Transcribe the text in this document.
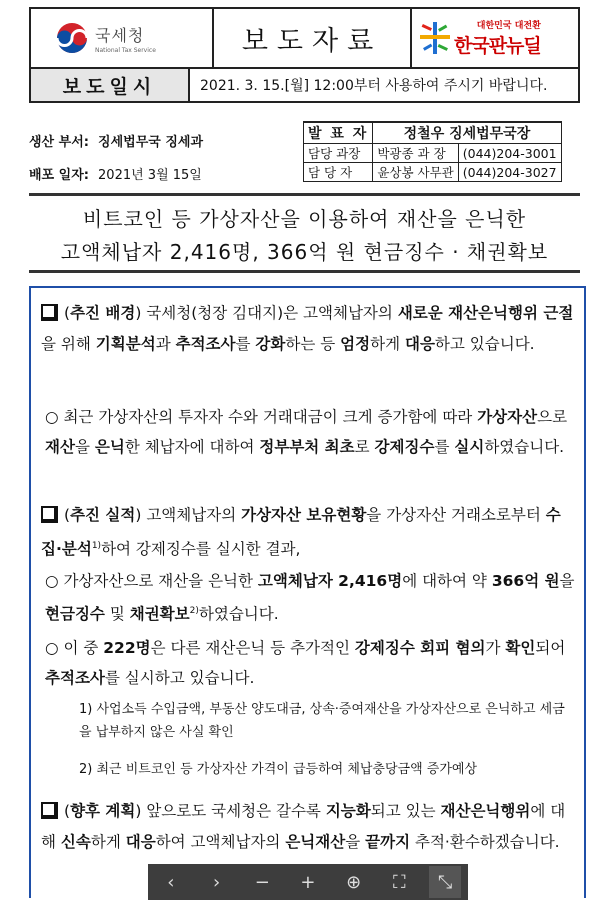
국세청
National Tax Service	보도자료	대한민국 대전환
한국판뉴딜
보도일시	2021. 3. 15.[월] 12:00부터 사용하여 주시기 바랍니다.
생산 부서: 징세법무국 징세과
배포 일자: 2021년 3월 15일
발 표 자	정철우 징세법무국장	
담당 과장	박광종 과 장	(044)204-3001
담 당 자	윤상봉 사무관	(044)204-3027
비트코인 등 가상자산을 이용하여 재산을 은닉한
고액체납자 2,416명, 366억 원 현금징수 · 채권확보
(추진 배경) 국세청(청장 김대지)은 고액체납자의 새로운 재산은닉행위 근절을 위해 기획분석과 추적조사를 강화하는 등 엄정하게 대응하고 있습니다.
○ 최근 가상자산의 투자자 수와 거래대금이 크게 증가함에 따라 가상자산으로 재산을 은닉한 체납자에 대하여 정부부처 최초로 강제징수를 실시하였습니다.
(추진 실적) 고액체납자의 가상자산 보유현황을 가상자산 거래소로부터 수집·분석$^{1)}$하여 강제징수를 실시한 결과,
○ 가상자산으로 재산을 은닉한 고액체납자 2,416명에 대하여 약 366억 원을 현금징수 및 채권확보$^{2)}$하였습니다.
○ 이 중 222명은 다른 재산은닉 등 추가적인 강제징수 회피 혐의가 확인되어 추적조사를 실시하고 있습니다.
1) 사업소득 수입금액, 부동산 양도대금, 상속·증여재산을 가상자산으로 은닉하고 세금을 납부하지 않은 사실 확인
2) 최근 비트코인 등 가상자산 가격이 급등하여 체납충당금액 증가예상
(향후 계획) 앞으로도 국세청은 갈수록 지능화되고 있는 재산은닉행위에 대해 신속하게 대응하여 고액체납자의 은닉재산을 끝까지 추적·환수하겠습니다.
‹	›	−	+	⊕	⛶	⤡
